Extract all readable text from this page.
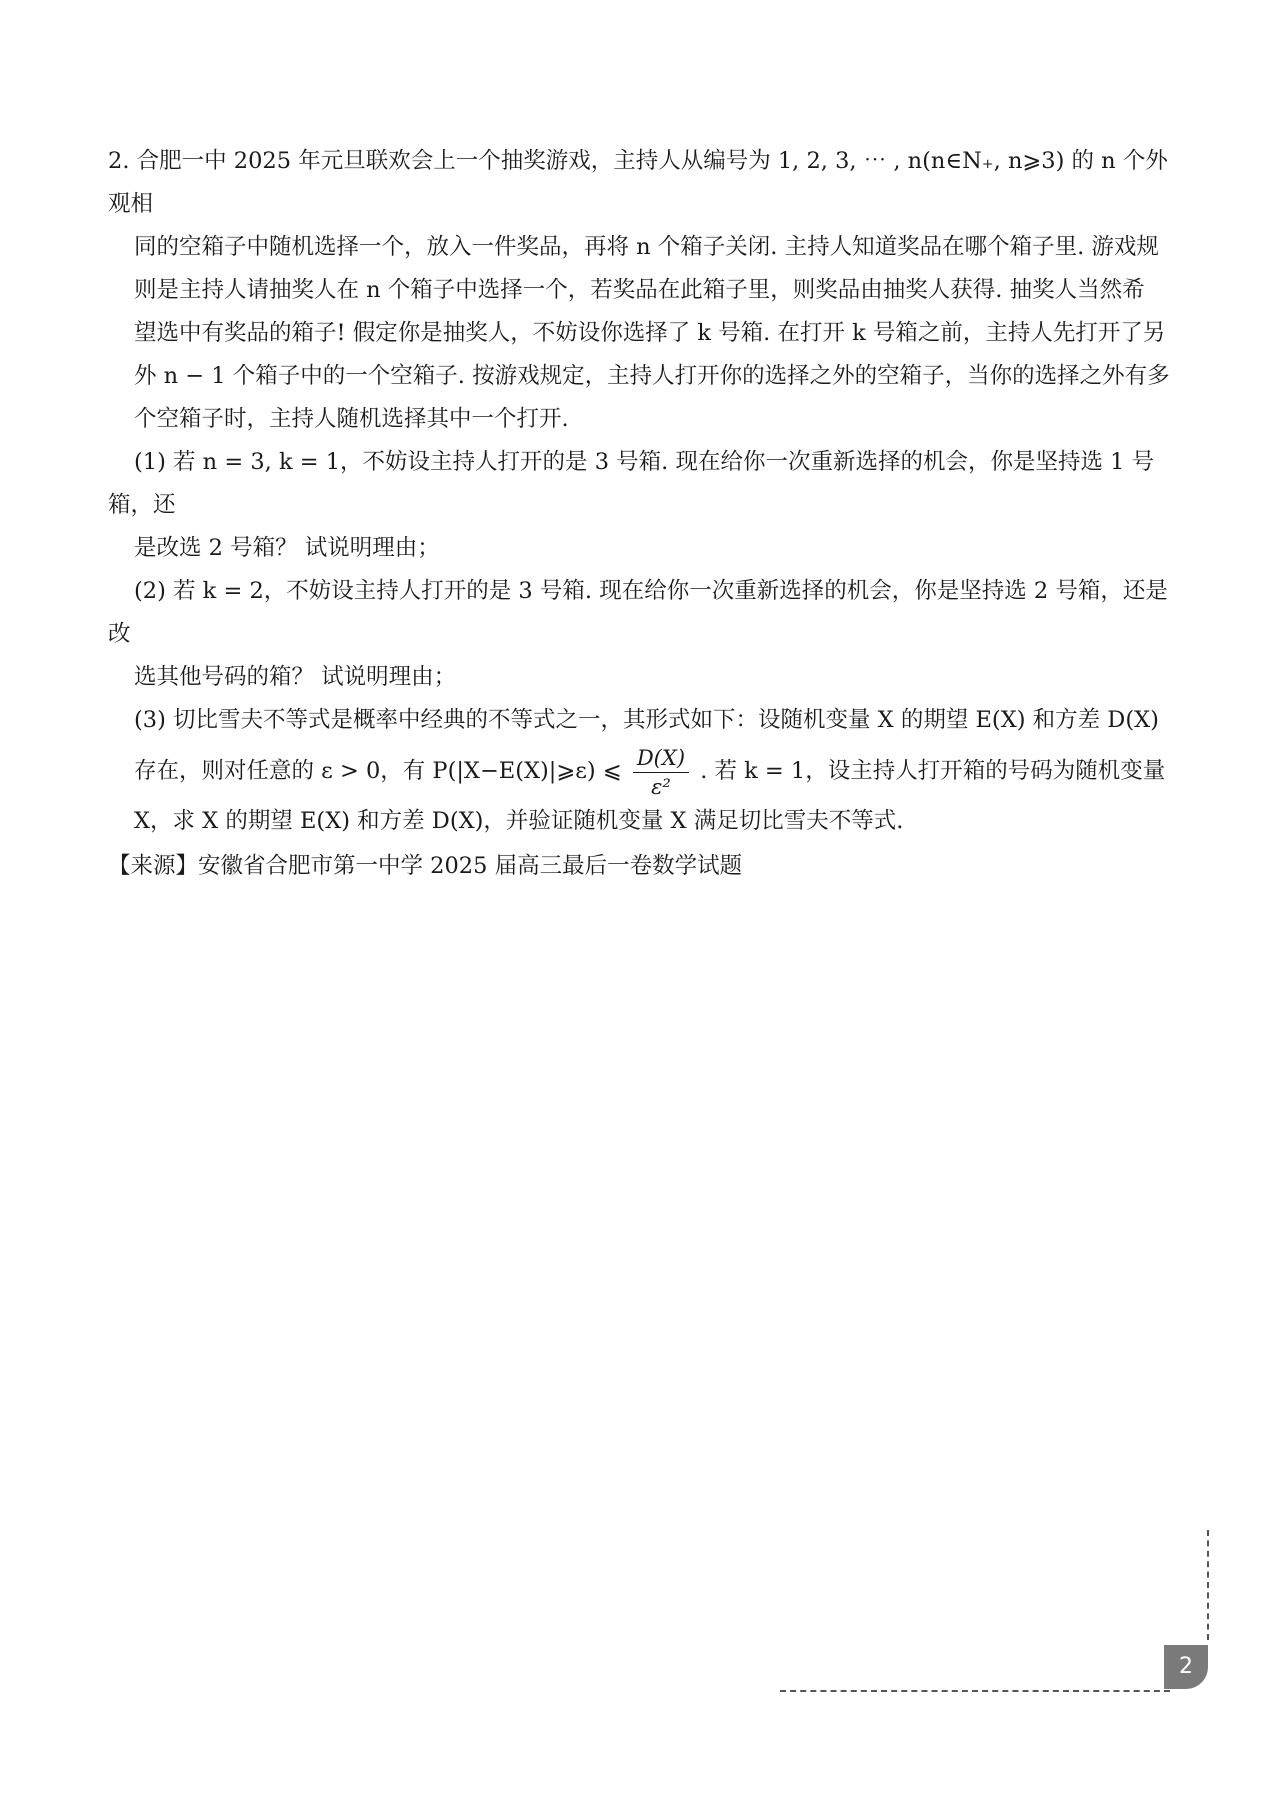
2. 合肥一中 2025 年元旦联欢会上一个抽奖游戏，主持人从编号为 1, 2, 3, ⋯ , n(n∈N₊, n⩾3) 的 n 个外观相
同的空箱子中随机选择一个，放入一件奖品，再将 n 个箱子关闭. 主持人知道奖品在哪个箱子里. 游戏规
则是主持人请抽奖人在 n 个箱子中选择一个，若奖品在此箱子里，则奖品由抽奖人获得. 抽奖人当然希
望选中有奖品的箱子! 假定你是抽奖人，不妨设你选择了 k 号箱. 在打开 k 号箱之前，主持人先打开了另
外 n − 1 个箱子中的一个空箱子. 按游戏规定，主持人打开你的选择之外的空箱子，当你的选择之外有多
个空箱子时，主持人随机选择其中一个打开.
(1) 若 n = 3, k = 1，不妨设主持人打开的是 3 号箱. 现在给你一次重新选择的机会，你是坚持选 1 号箱，还
是改选 2 号箱？ 试说明理由；
(2) 若 k = 2，不妨设主持人打开的是 3 号箱. 现在给你一次重新选择的机会，你是坚持选 2 号箱，还是改
选其他号码的箱？ 试说明理由；
(3) 切比雪夫不等式是概率中经典的不等式之一，其形式如下：设随机变量 X 的期望 E(X) 和方差 D(X)
存在，则对任意的 ε > 0，有 P(|X−E(X)|⩾ε) ⩽ $\frac{D(X)}{\text{ε²}}$ . 若 k = 1，设主持人打开箱的号码为随机变量
X，求 X 的期望 E(X) 和方差 D(X)，并验证随机变量 X 满足切比雪夫不等式.
【来源】安徽省合肥市第一中学 2025 届高三最后一卷数学试题
2
